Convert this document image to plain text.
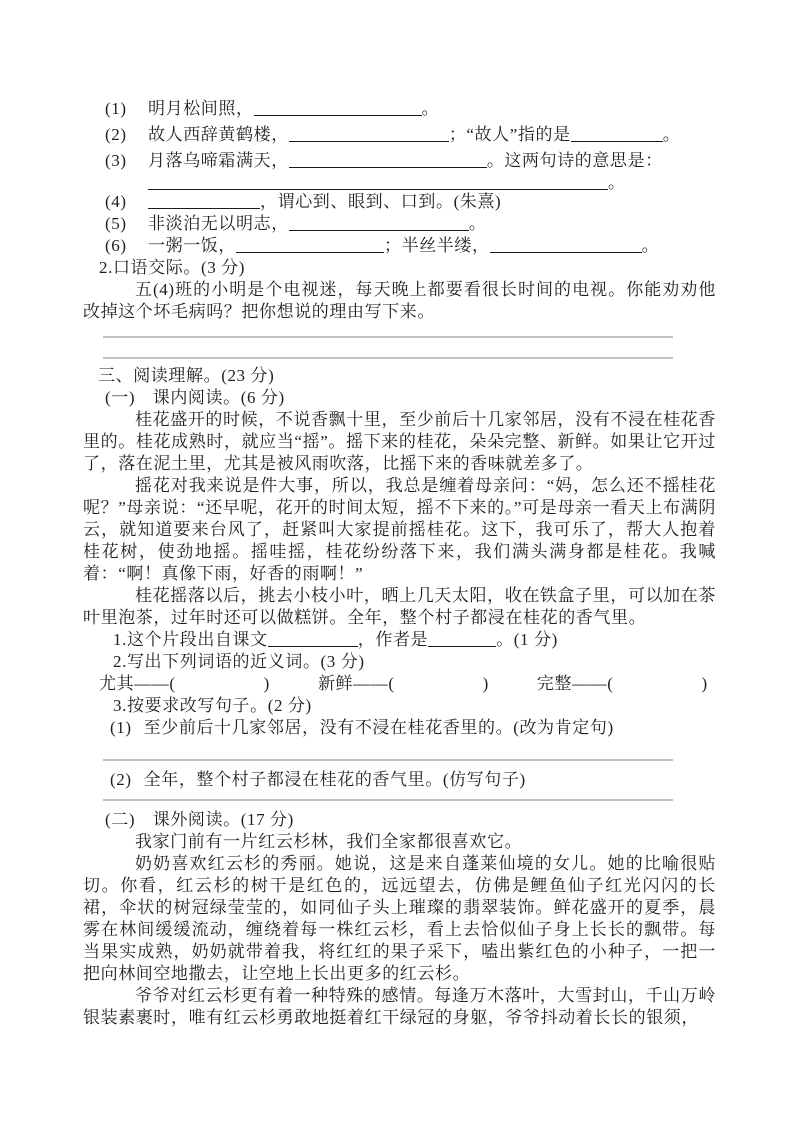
(1) 明月松间照，	。
(2) 故人西辞黄鹤楼，	；“故人”指的是	。
(3) 月落乌啼霜满天，	。这两句诗的意思是：
。
(4)	，谓心到、眼到、口到。(朱熹)
(5) 非淡泊无以明志，	。
(6) 一粥一饭，	；半丝半缕，	。
2.口语交际。(3 分)

五(4)班的小明是个电视迷，每天晚上都要看很长时间的电视。你能劝劝他改掉这个坏毛病吗？把你想说的理由写下来。

三、阅读理解。(23 分)
(一)　课内阅读。(6 分)

桂花盛开的时候，不说香飘十里，至少前后十几家邻居，没有不浸在桂花香里的。桂花成熟时，就应当“摇”。摇下来的桂花，朵朵完整、新鲜。如果让它开过了，落在泥土里，尤其是被风雨吹落，比摇下来的香味就差多了。

摇花对我来说是件大事，所以，我总是缠着母亲问：“妈，怎么还不摇桂花呢？”母亲说：“还早呢，花开的时间太短，摇不下来的。”可是母亲一看天上布满阴云，就知道要来台风了，赶紧叫大家提前摇桂花。这下，我可乐了，帮大人抱着桂花树，使劲地摇。摇哇摇，桂花纷纷落下来，我们满头满身都是桂花。我喊着：“啊！真像下雨，好香的雨啊！”

桂花摇落以后，挑去小枝小叶，晒上几天太阳，收在铁盒子里，可以加在茶叶里泡茶，过年时还可以做糕饼。全年，整个村子都浸在桂花的香气里。

1.这个片段出自课文	，作者是	。(1 分)
2.写出下列词语的近义词。(3 分)
尤其——(	)	新鲜——(	)	完整——(	)
3.按要求改写句子。(2 分)
(1) 至少前后十几家邻居，没有不浸在桂花香里的。(改为肯定句)
(2) 全年，整个村子都浸在桂花的香气里。(仿写句子)
(二)　课外阅读。(17 分)

我家门前有一片红云杉林，我们全家都很喜欢它。

奶奶喜欢红云杉的秀丽。她说，这是来自蓬莱仙境的女儿。她的比喻很贴切。你看，红云杉的树干是红色的，远远望去，仿佛是鲤鱼仙子红光闪闪的长裙，伞状的树冠绿莹莹的，如同仙子头上璀璨的翡翠装饰。鲜花盛开的夏季，晨雾在林间缓缓流动，缠绕着每一株红云杉，看上去恰似仙子身上长长的飘带。每当果实成熟，奶奶就带着我，将红红的果子采下，嗑出紫红色的小种子，一把一把向林间空地撒去，让空地上长出更多的红云杉。

爷爷对红云杉更有着一种特殊的感情。每逢万木落叶，大雪封山，千山万岭银装素裹时，唯有红云杉勇敢地挺着红干绿冠的身躯，爷爷抖动着长长的银须，
